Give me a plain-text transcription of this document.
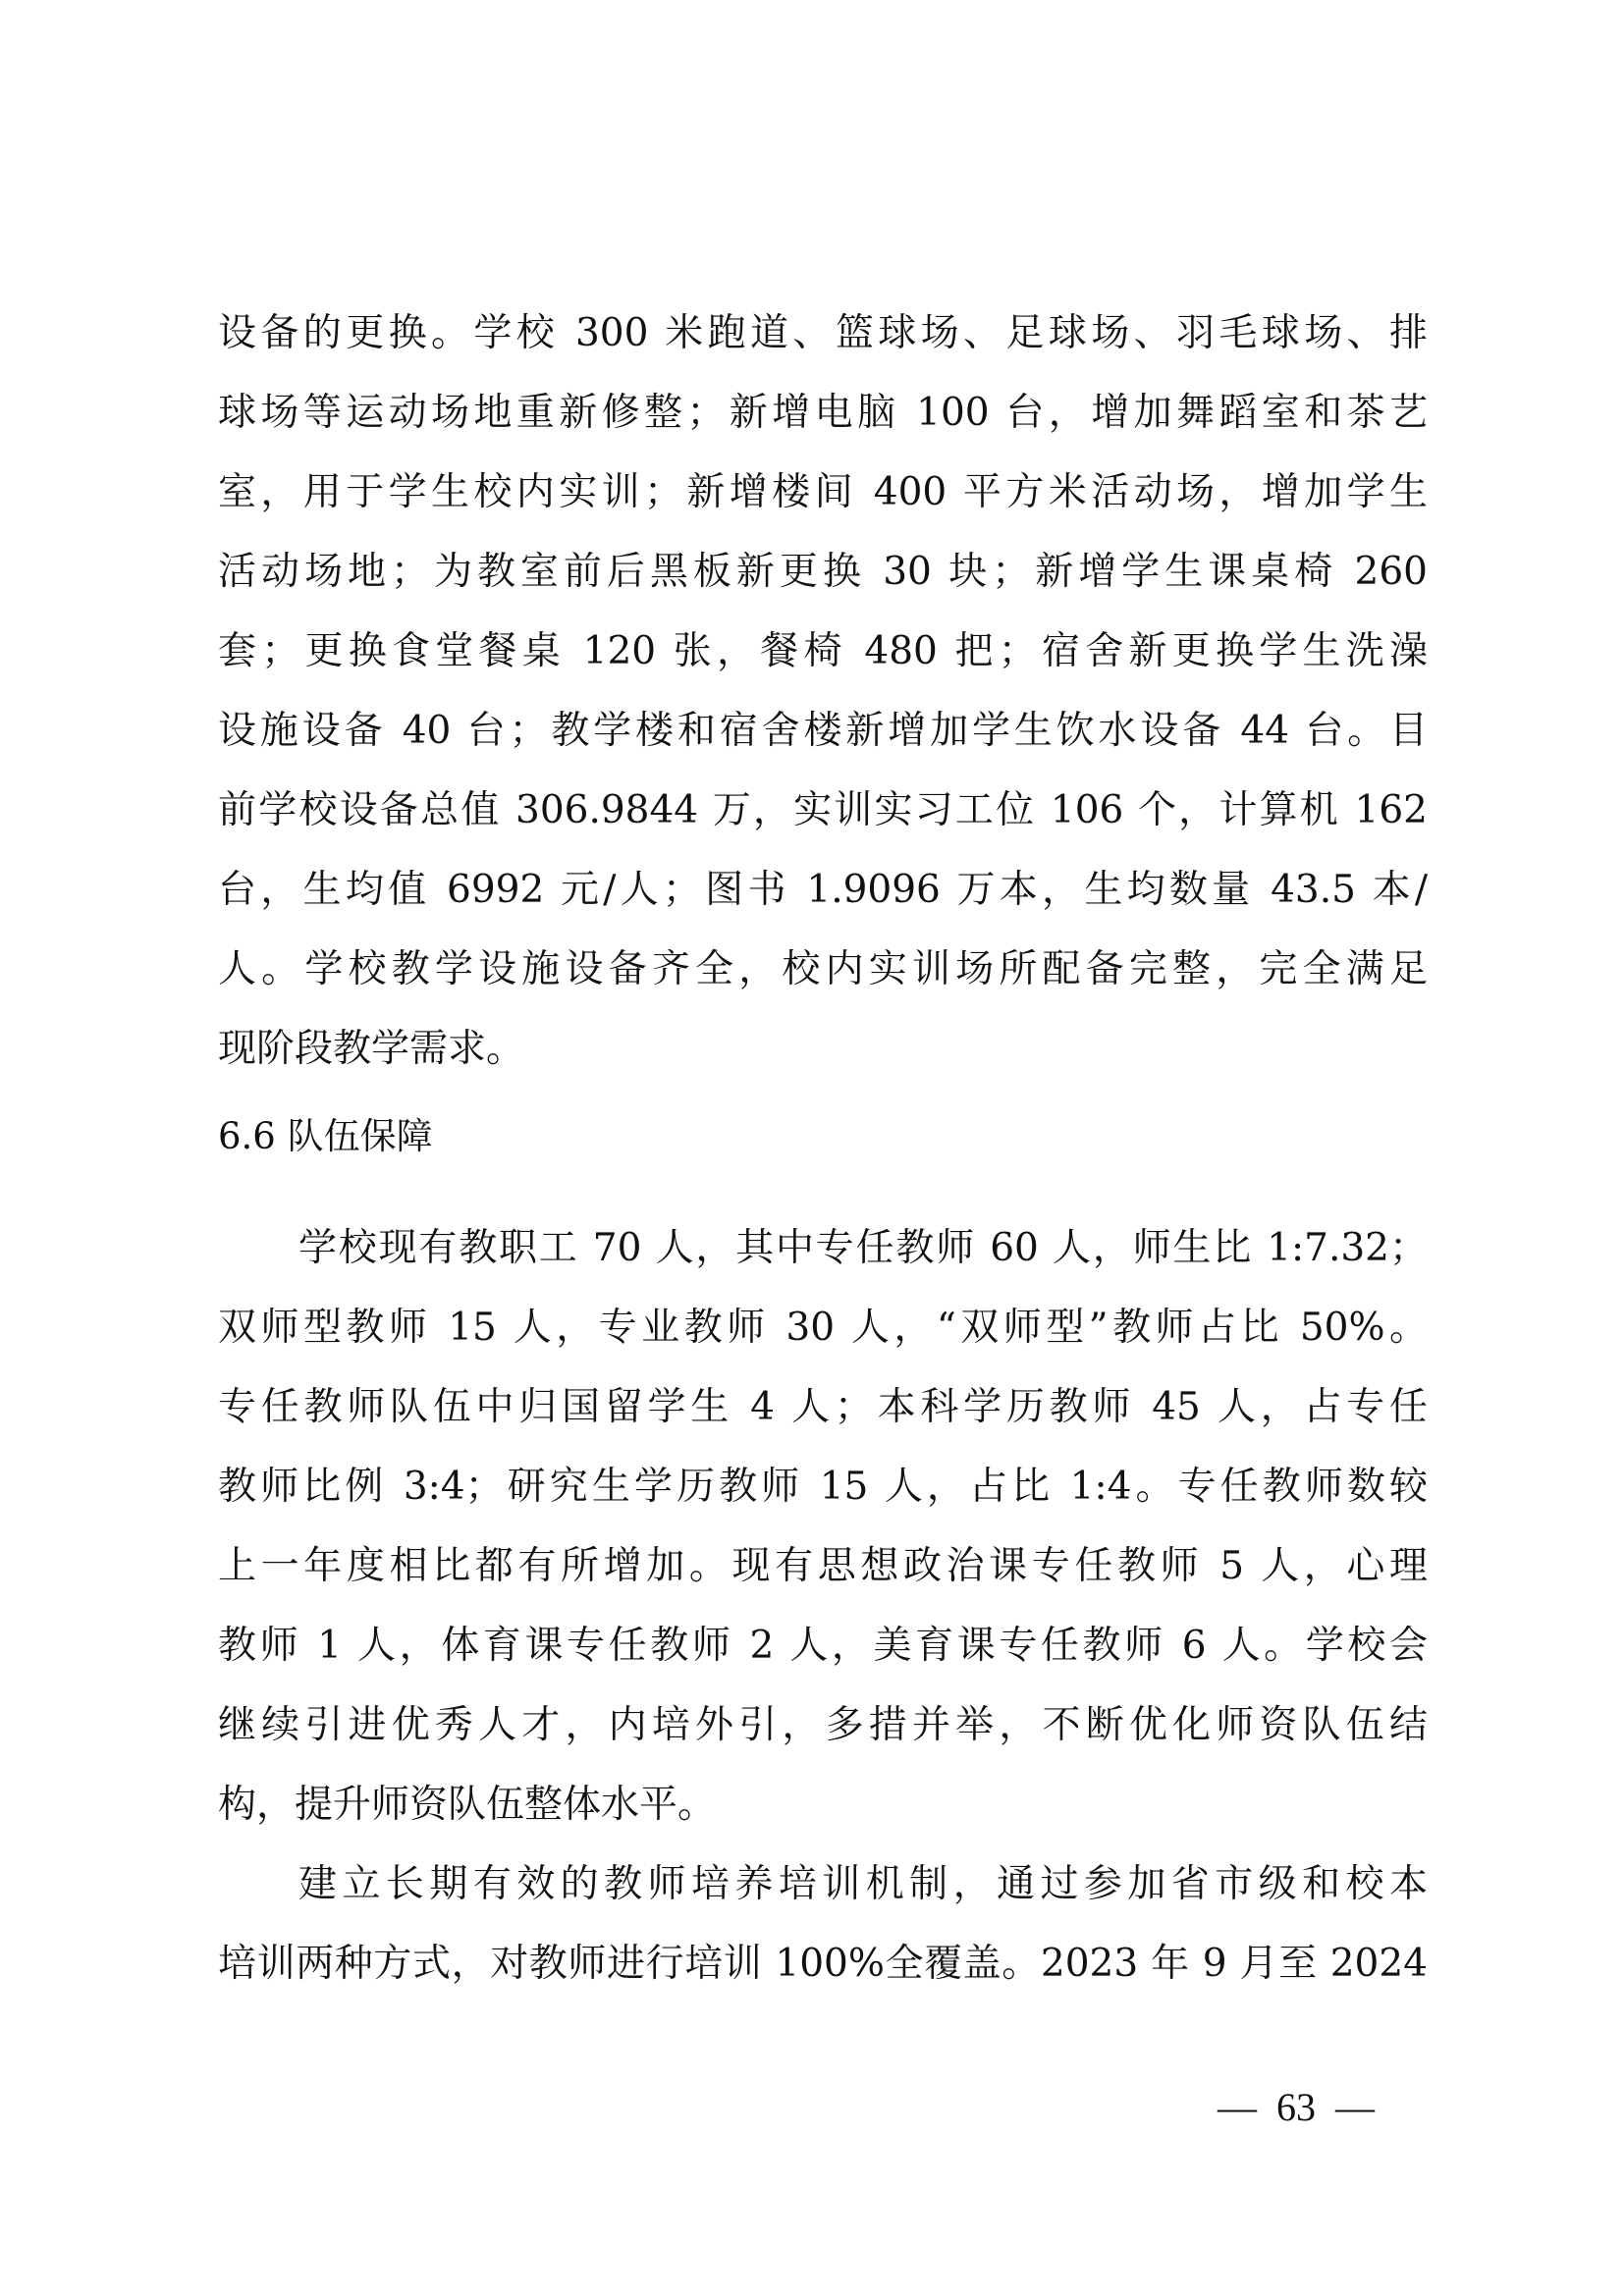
设备的更换。学校 300 米跑道、篮球场、足球场、羽毛球场、排
球场等运动场地重新修整；新增电脑 100 台，增加舞蹈室和茶艺
室，用于学生校内实训；新增楼间 400 平方米活动场，增加学生
活动场地；为教室前后黑板新更换 30 块；新增学生课桌椅 260
套；更换食堂餐桌 120 张，餐椅 480 把；宿舍新更换学生洗澡
设施设备 40 台；教学楼和宿舍楼新增加学生饮水设备 44 台。目
前学校设备总值 306.9844 万，实训实习工位 106 个，计算机 162
台，生均值 6992 元/人；图书 1.9096 万本，生均数量 43.5 本/
人。学校教学设施设备齐全，校内实训场所配备完整，完全满足
现阶段教学需求。
6.6 队伍保障
学校现有教职工 70 人，其中专任教师 60 人，师生比 1:7.32；
双师型教师 15 人，专业教师 30 人，“双师型”教师占比 50%。
专任教师队伍中归国留学生 4 人；本科学历教师 45 人，占专任
教师比例 3:4；研究生学历教师 15 人，占比 1:4。专任教师数较
上一年度相比都有所增加。现有思想政治课专任教师 5 人，心理
教师 1 人，体育课专任教师 2 人，美育课专任教师 6 人。学校会
继续引进优秀人才，内培外引，多措并举，不断优化师资队伍结
构，提升师资队伍整体水平。
建立长期有效的教师培养培训机制，通过参加省市级和校本
培训两种方式，对教师进行培训 100%全覆盖。2023 年 9 月至 2024
—  63  —
